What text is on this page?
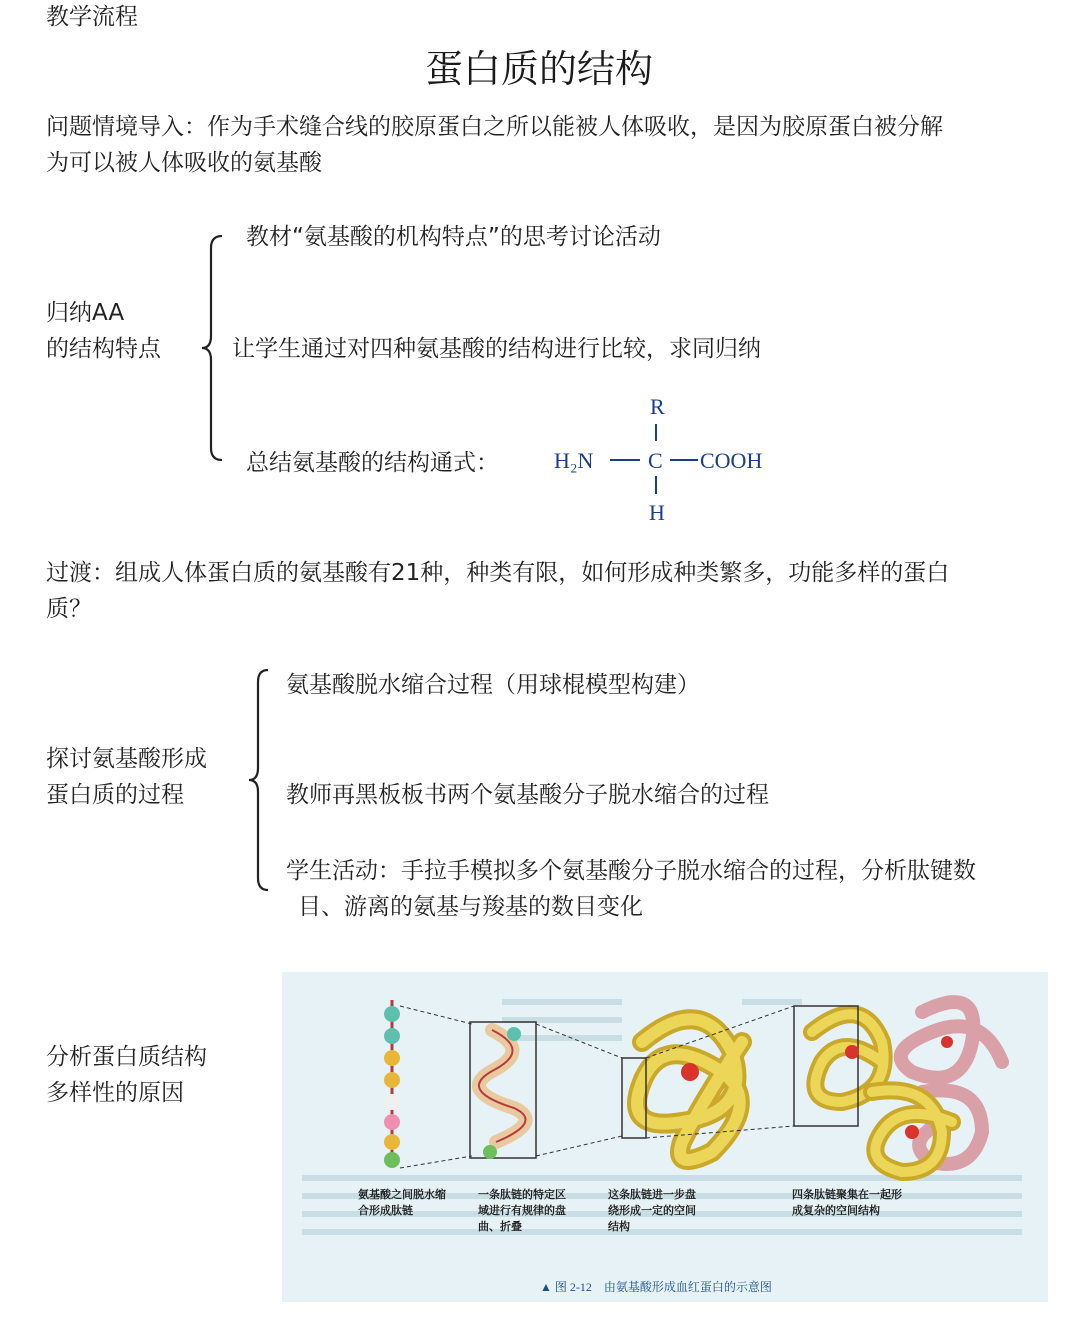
教学流程
蛋白质的结构
问题情境导入：作为手术缝合线的胶原蛋白之所以能被人体吸收，是因为胶原蛋白被分解
为可以被人体吸收的氨基酸
归纳AA
的结构特点
教材“氨基酸的机构特点”的思考讨论活动
让学生通过对四种氨基酸的结构进行比较，求同归纳
总结氨基酸的结构通式：
R
H₂N C COOH
H
过渡：组成人体蛋白质的氨基酸有21种，种类有限，如何形成种类繁多，功能多样的蛋白
质？
探讨氨基酸形成
蛋白质的过程
氨基酸脱水缩合过程（用球棍模型构建）
教师再黑板板书两个氨基酸分子脱水缩合的过程
学生活动：手拉手模拟多个氨基酸分子脱水缩合的过程，分析肽键数
目、游离的氨基与羧基的数目变化
分析蛋白质结构
多样性的原因
氨基酸之间脱水缩
合形成肽链
一条肽链的特定区
域进行有规律的盘
曲、折叠
这条肽链进一步盘
绕形成一定的空间
结构
四条肽链聚集在一起形
成复杂的空间结构
▲ 图 2-12　由氨基酸形成血红蛋白的示意图
